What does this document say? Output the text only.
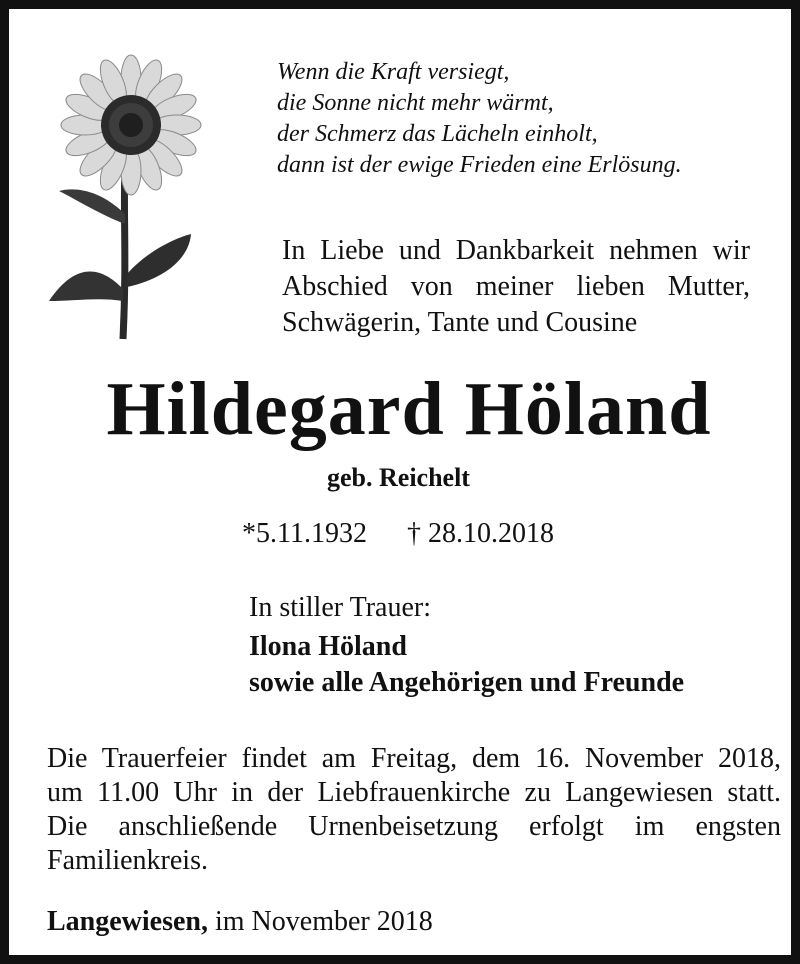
Wenn die Kraft versiegt,
die Sonne nicht mehr wärmt,
der Schmerz das Lächeln einholt,
dann ist der ewige Frieden eine Erlösung.
In Liebe und Dankbarkeit nehmen wir
Abschied von meiner lieben Mutter,
Schwägerin, Tante und Cousine
Hildegard Höland
geb. Reichelt
*5.11.1932 † 28.10.2018
In stiller Trauer:
Ilona Höland
sowie alle Angehörigen und Freunde
Die Trauerfeier findet am Freitag, dem 16. November 2018,
um 11.00 Uhr in der Liebfrauenkirche zu Langewiesen statt.
Die anschließende Urnenbeisetzung erfolgt im engsten
Familienkreis.
Langewiesen, im November 2018
